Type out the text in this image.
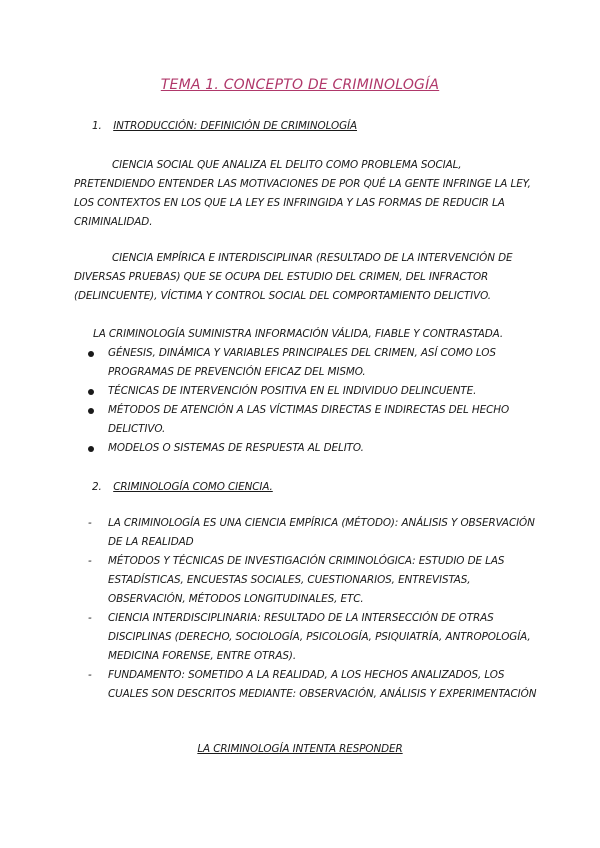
TEMA 1. CONCEPTO DE CRIMINOLOGÍA
1. INTRODUCCIÓN: DEFINICIÓN DE CRIMINOLOGÍA
CIENCIA SOCIAL QUE ANALIZA EL DELITO COMO PROBLEMA SOCIAL, PRETENDIENDO ENTENDER LAS MOTIVACIONES DE POR QUÉ LA GENTE INFRINGE LA LEY, LOS CONTEXTOS EN LOS QUE LA LEY ES INFRINGIDA Y LAS FORMAS DE REDUCIR LA CRIMINALIDAD.
CIENCIA EMPÍRICA E INTERDISCIPLINAR (RESULTADO DE LA INTERVENCIÓN DE DIVERSAS PRUEBAS) QUE SE OCUPA DEL ESTUDIO DEL CRIMEN, DEL INFRACTOR (DELINCUENTE), VÍCTIMA Y CONTROL SOCIAL DEL COMPORTAMIENTO DELICTIVO.
LA CRIMINOLOGÍA SUMINISTRA INFORMACIÓN VÁLIDA, FIABLE Y CONTRASTADA.
GÉNESIS, DINÁMICA Y VARIABLES PRINCIPALES DEL CRIMEN, ASÍ COMO LOS PROGRAMAS DE PREVENCIÓN EFICAZ DEL MISMO.
TÉCNICAS DE INTERVENCIÓN POSITIVA EN EL INDIVIDUO DELINCUENTE.
MÉTODOS DE ATENCIÓN A LAS VÍCTIMAS DIRECTAS E INDIRECTAS DEL HECHO DELICTIVO.
MODELOS O SISTEMAS DE RESPUESTA AL DELITO.
2. CRIMINOLOGÍA COMO CIENCIA.
- LA CRIMINOLOGÍA ES UNA CIENCIA EMPÍRICA (MÉTODO): ANÁLISIS Y OBSERVACIÓN DE LA REALIDAD
- MÉTODOS Y TÉCNICAS DE INVESTIGACIÓN CRIMINOLÓGICA: ESTUDIO DE LAS ESTADÍSTICAS, ENCUESTAS SOCIALES, CUESTIONARIOS, ENTREVISTAS, OBSERVACIÓN, MÉTODOS LONGITUDINALES, ETC.
- CIENCIA INTERDISCIPLINARIA: RESULTADO DE LA INTERSECCIÓN DE OTRAS DISCIPLINAS (DERECHO, SOCIOLOGÍA, PSICOLOGÍA, PSIQUIATRÍA, ANTROPOLOGÍA, MEDICINA FORENSE, ENTRE OTRAS).
- FUNDAMENTO: SOMETIDO A LA REALIDAD, A LOS HECHOS ANALIZADOS, LOS CUALES SON DESCRITOS MEDIANTE: OBSERVACIÓN, ANÁLISIS Y EXPERIMENTACIÓN
LA CRIMINOLOGÍA INTENTA RESPONDER
